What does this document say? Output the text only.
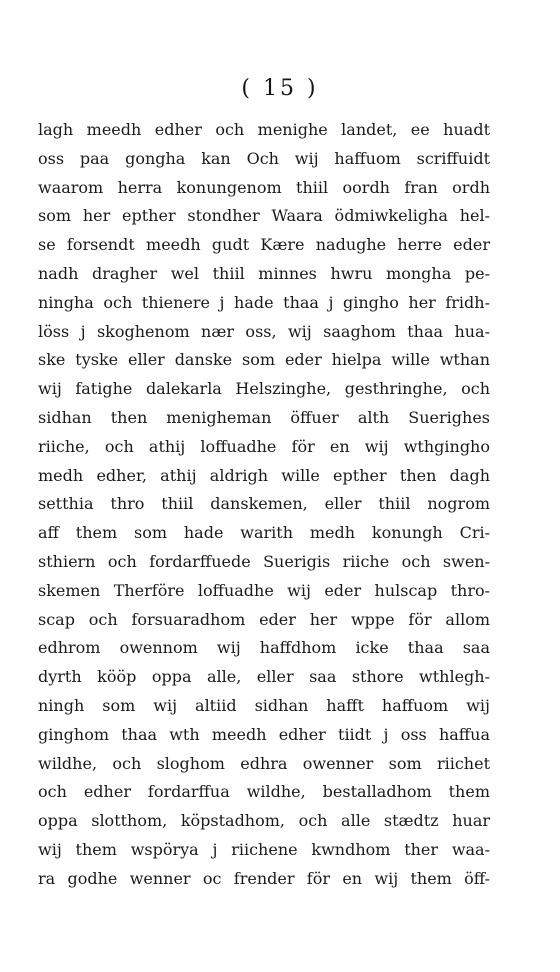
( 15 )
lagh meedh edher och menighe landet, ee huadt
oss paa gongha kan Och wij haffuom scriffuidt
waarom herra konungenom thiil oordh fran ordh
som her epther stondher Waara ödmiwkeligha hel-
se forsendt meedh gudt Kære nadughe herre eder
nadh dragher wel thiil minnes hwru mongha pe-
ningha och thienere j hade thaa j gingho her fridh-
löss j skoghenom nær oss, wij saaghom thaa hua-
ske tyske eller danske som eder hielpa wille wthan
wij fatighe dalekarla Helszinghe, gesthringhe, och
sidhan then menigheman öffuer alth Suerighes
riiche, och athij loffuadhe för en wij wthgingho
medh edher, athij aldrigh wille epther then dagh
setthia thro thiil danskemen, eller thiil nogrom
aff them som hade warith medh konungh Cri-
sthiern och fordarffuede Suerigis riiche och swen-
skemen Therföre loffuadhe wij eder hulscap thro-
scap och forsuaradhom eder her wppe för allom
edhrom owennom wij haffdhom icke thaa saa
dyrth kööp oppa alle, eller saa sthore wthlegh-
ningh som wij altiid sidhan hafft haffuom wij
ginghom thaa wth meedh edher tiidt j oss haffua
wildhe, och sloghom edhra owenner som riichet
och edher fordarffua wildhe, bestalladhom them
oppa slotthom, köpstadhom, och alle stædtz huar
wij them wspörya j riichene kwndhom ther waa-
ra godhe wenner oc frender för en wij them öff-
